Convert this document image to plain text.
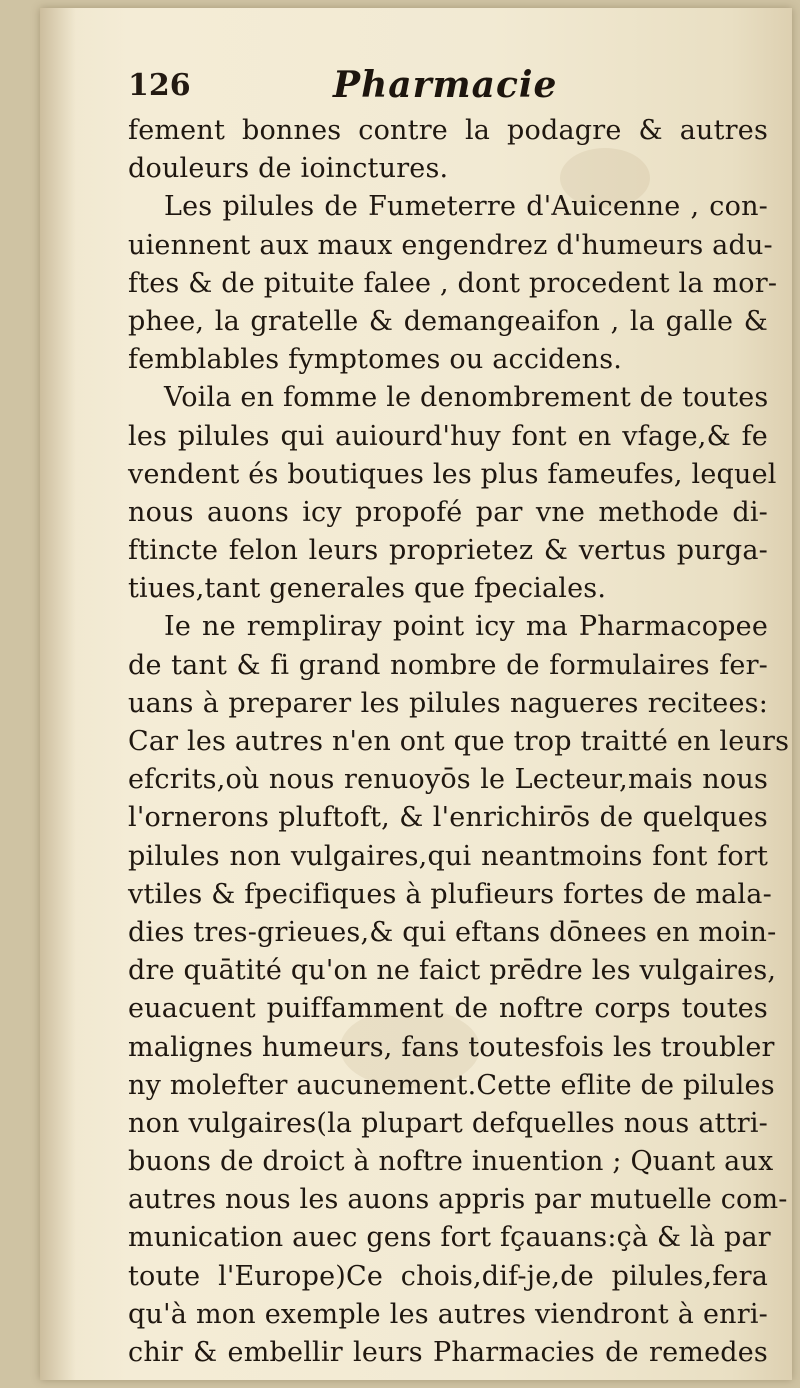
126	Pharmacie
fement bonnes contre la podagre & autres
douleurs de ioinctures.
Les pilules de Fumeterre d'Auicenne , con-
uiennent aux maux engendrez d'humeurs adu-
ftes & de pituite falee , dont procedent la mor-
phee, la gratelle & demangeaifon , la galle &
femblables fymptomes ou accidens.
Voila en fomme le denombrement de toutes
les pilules qui auiourd'huy font en vfage,& fe
vendent és boutiques les plus fameufes, lequel
nous auons icy propofé par vne methode di-
ftincte felon leurs proprietez & vertus purga-
tiues,tant generales que fpeciales.
Ie ne rempliray point icy ma Pharmacopee
de tant & fi grand nombre de formulaires fer-
uans à preparer les pilules nagueres recitees:
Car les autres n'en ont que trop traitté en leurs
efcrits,où nous renuoyōs le Lecteur,mais nous
l'ornerons pluftoft, & l'enrichirōs de quelques
pilules non vulgaires,qui neantmoins font fort
vtiles & fpecifiques à plufieurs fortes de mala-
dies tres-grieues,& qui eftans dōnees en moin-
dre quātité qu'on ne faict prēdre les vulgaires,
euacuent puiffamment de noftre corps toutes
malignes humeurs, fans toutesfois les troubler
ny molefter aucunement.Cette eflite de pilules
non vulgaires(la plupart defquelles nous attri-
buons de droict à noftre inuention ; Quant aux
autres nous les auons appris par mutuelle com-
munication auec gens fort fçauans:çà & là par
toute l'Europe)Ce chois,dif-je,de pilules,fera
qu'à mon exemple les autres viendront à enri-
chir & embellir leurs Pharmacies de remedes
